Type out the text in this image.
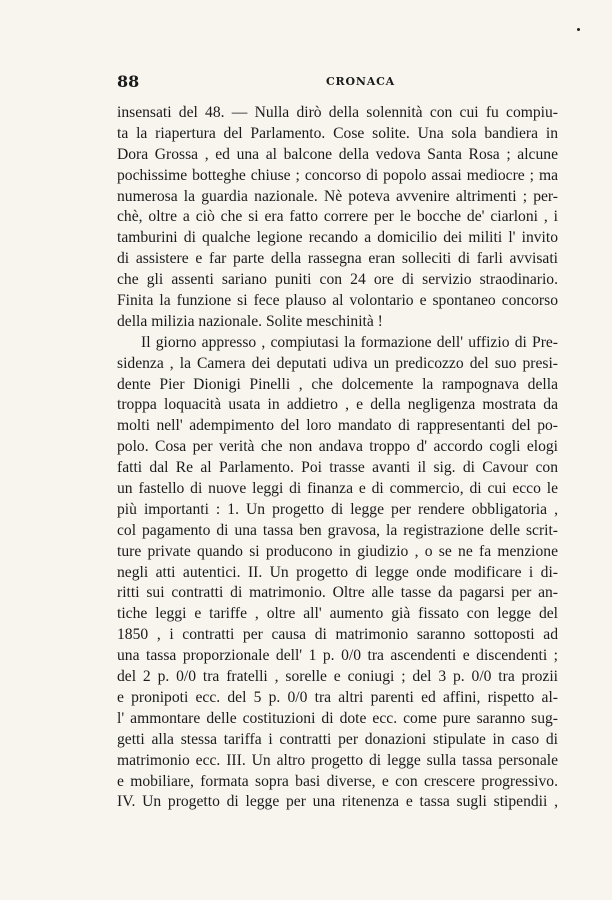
88	CRONACA
insensati del 48. — Nulla dirò della solennità con cui fu compiu-
ta la riapertura del Parlamento. Cose solite. Una sola bandiera in
Dora Grossa , ed una al balcone della vedova Santa Rosa ; alcune
pochissime botteghe chiuse ; concorso di popolo assai mediocre ; ma
numerosa la guardia nazionale. Nè poteva avvenire altrimenti ; per-
chè, oltre a ciò che si era fatto correre per le bocche de' ciarloni , i
tamburini di qualche legione recando a domicilio dei militi l' invito
di assistere e far parte della rassegna eran solleciti di farli avvisati
che gli assenti sariano puniti con 24 ore di servizio straodinario.
Finita la funzione si fece plauso al volontario e spontaneo concorso
della milizia nazionale. Solite meschinità !
Il giorno appresso , compiutasi la formazione dell' uffizio di Pre-
sidenza , la Camera dei deputati udiva un predicozzo del suo presi-
dente Pier Dionigi Pinelli , che dolcemente la rampognava della
troppa loquacità usata in addietro , e della negligenza mostrata da
molti nell' adempimento del loro mandato di rappresentanti del po-
polo. Cosa per verità che non andava troppo d' accordo cogli elogi
fatti dal Re al Parlamento. Poi trasse avanti il sig. di Cavour con
un fastello di nuove leggi di finanza e di commercio, di cui ecco le
più importanti : 1. Un progetto di legge per rendere obbligatoria ,
col pagamento di una tassa ben gravosa, la registrazione delle scrit-
ture private quando si producono in giudizio , o se ne fa menzione
negli atti autentici. II. Un progetto di legge onde modificare i di-
ritti sui contratti di matrimonio. Oltre alle tasse da pagarsi per an-
tiche leggi e tariffe , oltre all' aumento già fissato con legge del
1850 , i contratti per causa di matrimonio saranno sottoposti ad
una tassa proporzionale dell' 1 p. 0/0 tra ascendenti e discendenti ;
del 2 p. 0/0 tra fratelli , sorelle e coniugi ; del 3 p. 0/0 tra prozii
e pronipoti ecc. del 5 p. 0/0 tra altri parenti ed affini, rispetto al-
l' ammontare delle costituzioni di dote ecc. come pure saranno sug-
getti alla stessa tariffa i contratti per donazioni stipulate in caso di
matrimonio ecc. III. Un altro progetto di legge sulla tassa personale
e mobiliare, formata sopra basi diverse, e con crescere progressivo.
IV. Un progetto di legge per una ritenenza e tassa sugli stipendii ,
